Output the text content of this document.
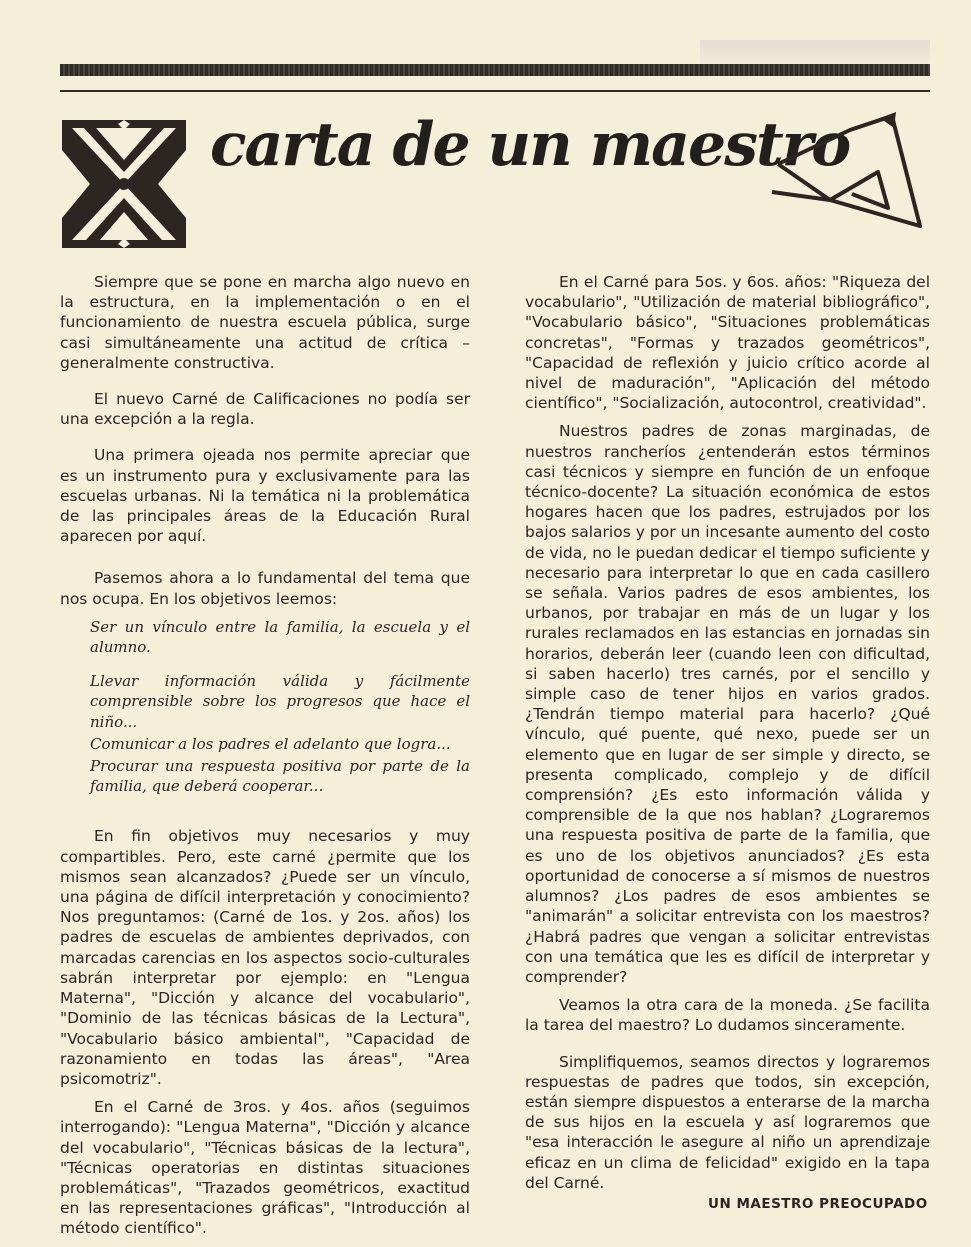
carta de un maestro

Siempre que se pone en marcha algo nuevo en la estructura, en la implementación o en el funcionamiento de nuestra escuela pública, surge casi simultáneamente una actitud de crítica –generalmente constructiva.

El nuevo Carné de Calificaciones no podía ser una excepción a la regla.

Una primera ojeada nos permite apreciar que es un instrumento pura y exclusivamente para las escuelas urbanas. Ni la temática ni la problemática de las principales áreas de la Educación Rural aparecen por aquí.

Pasemos ahora a lo fundamental del tema que nos ocupa. En los objetivos leemos:

Ser un vínculo entre la familia, la escuela y el alumno.

Llevar información válida y fácilmente comprensible sobre los progresos que hace el niño...

Comunicar a los padres el adelanto que logra...

Procurar una respuesta positiva por parte de la familia, que deberá cooperar...

En fin objetivos muy necesarios y muy compartibles. Pero, este carné ¿permite que los mismos sean alcanzados? ¿Puede ser un vínculo, una página de difícil interpretación y conocimiento? Nos preguntamos: (Carné de 1os. y 2os. años) los padres de escuelas de ambientes deprivados, con marcadas carencias en los aspectos socio-culturales sabrán interpretar por ejemplo: en "Lengua Materna", "Dicción y alcance del vocabulario", "Dominio de las técnicas básicas de la Lectura", "Vocabulario básico ambiental", "Capacidad de razonamiento en todas las áreas", "Area psicomotriz".

En el Carné de 3ros. y 4os. años (seguimos interrogando): "Lengua Materna", "Dicción y alcance del vocabulario", "Técnicas básicas de la lectura", "Técnicas operatorias en distintas situaciones problemáticas", "Trazados geométricos, exactitud en las representaciones gráficas", "Introducción al método científico".

En el Carné para 5os. y 6os. años: "Riqueza del vocabulario", "Utilización de material bibliográfico", "Vocabulario básico", "Situaciones problemáticas concretas", "Formas y trazados geométricos", "Capacidad de reflexión y juicio crítico acorde al nivel de maduración", "Aplicación del método científico", "Socialización, autocontrol, creatividad".

Nuestros padres de zonas marginadas, de nuestros rancheríos ¿entenderán estos términos casi técnicos y siempre en función de un enfoque técnico-docente? La situación económica de estos hogares hacen que los padres, estrujados por los bajos salarios y por un incesante aumento del costo de vida, no le puedan dedicar el tiempo suficiente y necesario para interpretar lo que en cada casillero se señala. Varios padres de esos ambientes, los urbanos, por trabajar en más de un lugar y los rurales reclamados en las estancias en jornadas sin horarios, deberán leer (cuando leen con dificultad, si saben hacerlo) tres carnés, por el sencillo y simple caso de tener hijos en varios grados. ¿Tendrán tiempo material para hacerlo? ¿Qué vínculo, qué puente, qué nexo, puede ser un elemento que en lugar de ser simple y directo, se presenta complicado, complejo y de difícil comprensión? ¿Es esto información válida y comprensible de la que nos hablan? ¿Lograremos una respuesta positiva de parte de la familia, que es uno de los objetivos anunciados? ¿Es esta oportunidad de conocerse a sí mismos de nuestros alumnos? ¿Los padres de esos ambientes se "animarán" a solicitar entrevista con los maestros? ¿Habrá padres que vengan a solicitar entrevistas con una temática que les es difícil de interpretar y comprender?

Veamos la otra cara de la moneda. ¿Se facilita la tarea del maestro? Lo dudamos sinceramente.

Simplifiquemos, seamos directos y lograremos respuestas de padres que todos, sin excepción, están siempre dispuestos a enterarse de la marcha de sus hijos en la escuela y así lograremos que "esa interacción le asegure al niño un aprendizaje eficaz en un clima de felicidad" exigido en la tapa del Carné.

UN MAESTRO PREOCUPADO
